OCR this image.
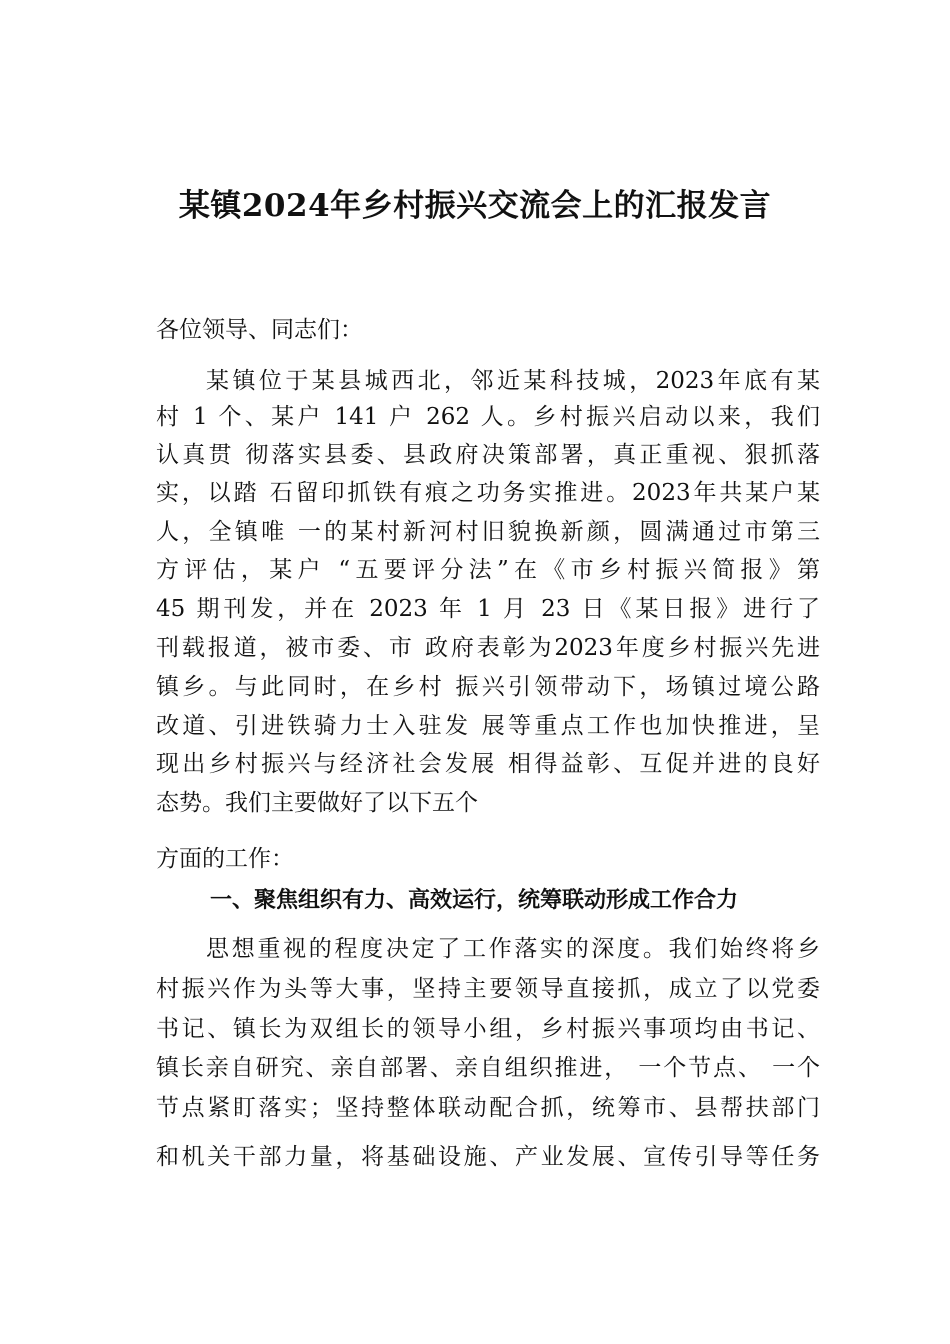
某镇2024年乡村振兴交流会上的汇报发言
各位领导、同志们：
某镇位于某县城西北，邻近某科技城，2023年底有某
村 1 个、某户 141 户 262 人。乡村振兴启动以来，我们
认真贯 彻落实县委、县政府决策部署，真正重视、狠抓落
实，以踏 石留印抓铁有痕之功务实推进。2023年共某户某
人，全镇唯 一的某村新河村旧貌换新颜，圆满通过市第三
方评估，某户 “五要评分法”在《市乡村振兴简报》第
45 期刊发，并在 2023 年 1 月 23 日《某日报》进行了
刊载报道，被市委、市 政府表彰为2023年度乡村振兴先进
镇乡。与此同时，在乡村 振兴引领带动下，场镇过境公路
改道、引进铁骑力士入驻发 展等重点工作也加快推进，呈
现出乡村振兴与经济社会发展 相得益彰、互促并进的良好
态势。我们主要做好了以下五个
方面的工作：
一、聚焦组织有力、高效运行，统筹联动形成工作合力
思想重视的程度决定了工作落实的深度。我们始终将乡
村振兴作为头等大事，坚持主要领导直接抓，成立了以党委
书记、镇长为双组长的领导小组，乡村振兴事项均由书记、
镇长亲自研究、亲自部署、亲自组织推进， 一个节点、 一个
节点紧盯落实；坚持整体联动配合抓，统筹市、县帮扶部门
和机关干部力量，将基础设施、产业发展、宣传引导等任务
